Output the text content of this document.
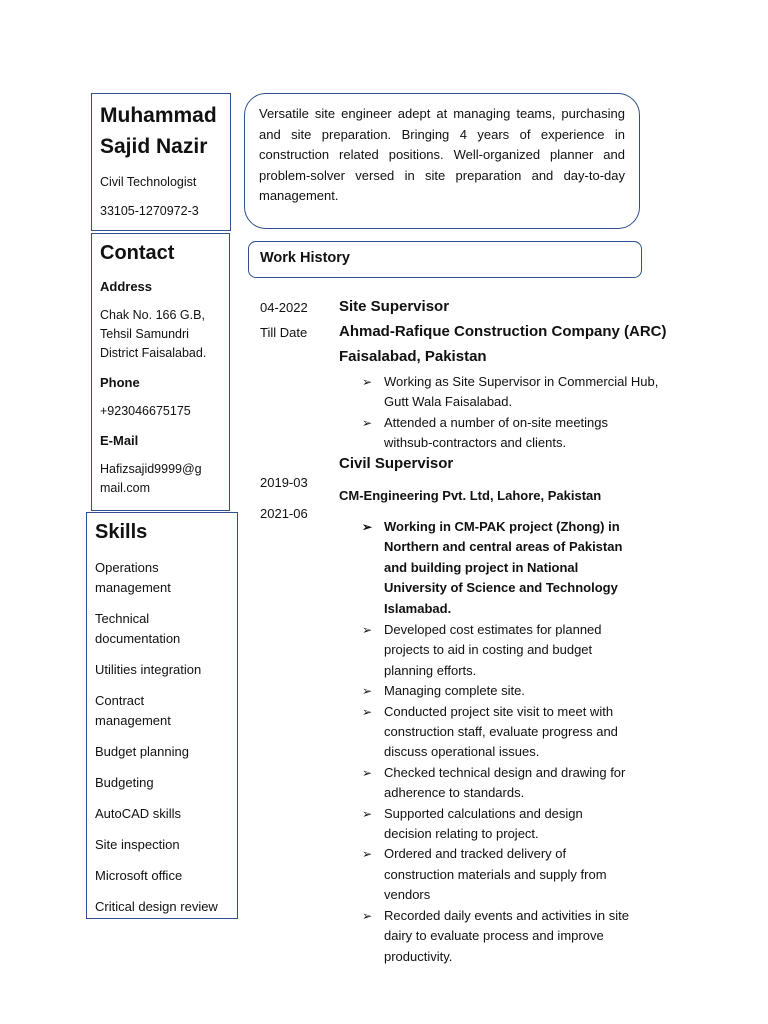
Muhammad
Sajid Nazir
Civil Technologist
33105-1270972-3
Versatile site engineer adept at managing teams, purchasing and site preparation. Bringing 4 years of experience in construction related positions. Well-organized planner and problem-solver versed in site preparation and day-to-day management.
Contact
Address
Chak No. 166 G.B,
Tehsil Samundri
District Faisalabad.
Phone
+923046675175
E-Mail
Hafizsajid9999@g
mail.com
Skills
Operations
management
Technical
documentation
Utilities integration
Contract
management
Budget planning
Budgeting
AutoCAD skills
Site inspection
Microsoft office
Critical design review
Work History
04-2022
Till Date
Site Supervisor
Ahmad-Rafique Construction Company (ARC)
Faisalabad, Pakistan
➢ Working as Site Supervisor in Commercial Hub,
Gutt Wala Faisalabad.
➢ Attended a number of on-site meetings
withsub-contractors and clients.
Civil Supervisor
2019-03
CM-Engineering Pvt. Ltd, Lahore, Pakistan
2021-06
➢ Working in CM-PAK project (Zhong) in
Northern and central areas of Pakistan
and building project in National
University of Science and Technology
Islamabad.
➢ Developed cost estimates for planned
projects to aid in costing and budget
planning efforts.
➢ Managing complete site.
➢ Conducted project site visit to meet with
construction staff, evaluate progress and
discuss operational issues.
➢ Checked technical design and drawing for
adherence to standards.
➢ Supported calculations and design
decision relating to project.
➢ Ordered and tracked delivery of
construction materials and supply from
vendors
➢ Recorded daily events and activities in site
dairy to evaluate process and improve
productivity.
